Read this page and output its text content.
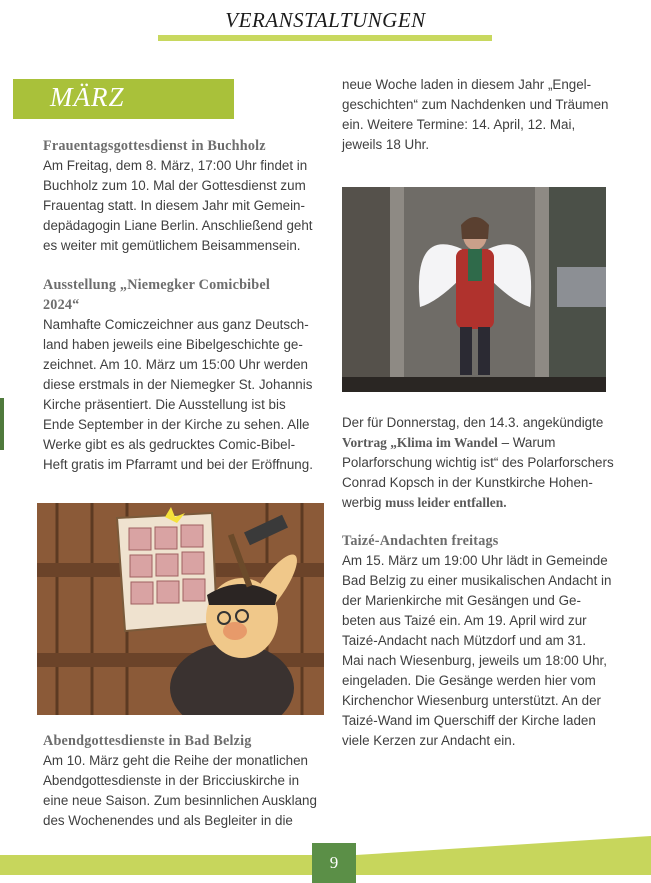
VERANSTALTUNGEN
MÄRZ

Frauentagsgottesdienst in Buchholz

Am Freitag, dem 8. März, 17:00 Uhr findet in

Buchholz zum 10. Mal der Gottesdienst zum

Frauentag statt. In diesem Jahr mit Gemein-

depädagogin Liane Berlin. Anschließend geht

es weiter mit gemütlichem Beisammensein.

Ausstellung „Niemegker Comicbibel

2024“

Namhafte Comiczeichner aus ganz Deutsch-

land haben jeweils eine Bibelgeschichte ge-

zeichnet. Am 10. März um 15:00 Uhr werden

diese erstmals in der Niemegker St. Johannis

Kirche präsentiert. Die Ausstellung ist bis

Ende September in der Kirche zu sehen. Alle

Werke gibt es als gedrucktes Comic-Bibel-

Heft gratis im Pfarramt und bei der Eröffnung.

Abendgottesdienste in Bad Belzig

Am 10. März geht die Reihe der monatlichen

Abendgottesdienste in der Bricciuskirche in

eine neue Saison. Zum besinnlichen Ausklang

des Wochenendes und als Begleiter in die

neue Woche laden in diesem Jahr „Engel-

geschichten“ zum Nachdenken und Träumen

ein. Weitere Termine: 14. April, 12. Mai,

jeweils 18 Uhr.

Der für Donnerstag, den 14.3. angekündigte

Vortrag „Klima im Wandel – Warum

Polarforschung wichtig ist“ des Polarforschers

Conrad Kopsch in der Kunstkirche Hohen-

werbig muss leider entfallen.

Taizé-Andachten freitags

Am 15. März um 19:00 Uhr lädt in Gemeinde

Bad Belzig zu einer musikalischen Andacht in

der Marienkirche mit Gesängen und Ge-

beten aus Taizé ein. Am 19. April wird zur

Taizé-Andacht nach Mützdorf und am 31.

Mai nach Wiesenburg, jeweils um 18:00 Uhr,

eingeladen. Die Gesänge werden hier vom

Kirchenchor Wiesenburg unterstützt. An der

Taizé-Wand im Querschiff der Kirche laden

viele Kerzen zur Andacht ein.

9
